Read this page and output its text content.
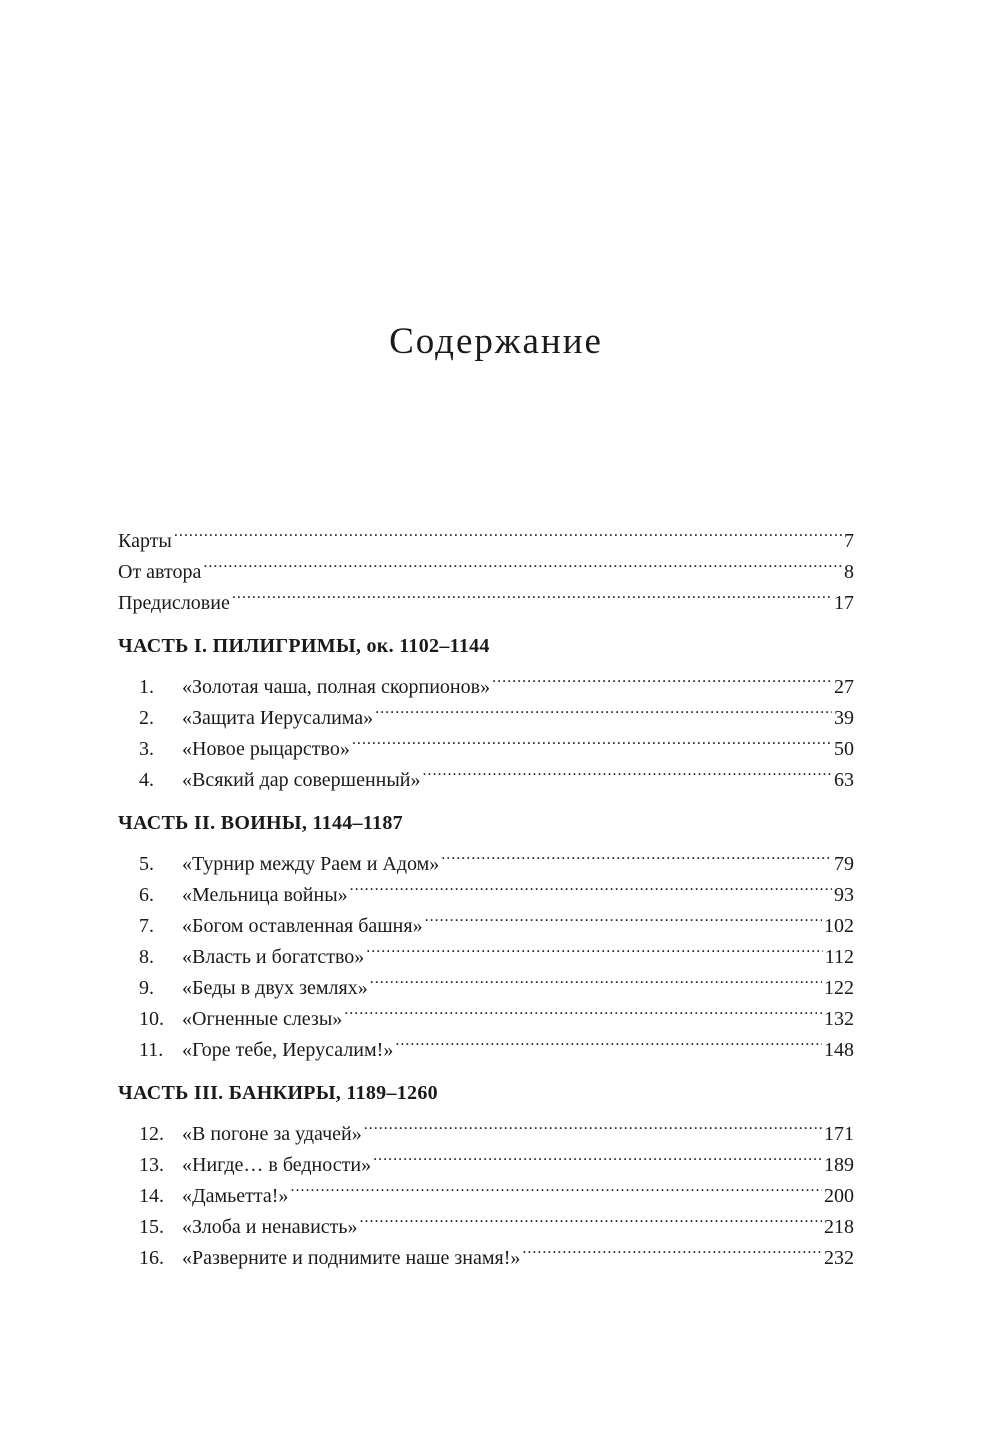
Содержание
Карты .....	7
От автора .....	8
Предисловие .....	17
ЧАСТЬ I. ПИЛИГРИМЫ, ок. 1102–1144
1.	«Золотая чаша, полная скорпионов» .....	27
2.	«Защита Иерусалима» .....	39
3.	«Новое рыцарство» .....	50
4.	«Всякий дар совершенный» .....	63
ЧАСТЬ II. ВОИНЫ, 1144–1187
5.	«Турнир между Раем и Адом» .....	79
6.	«Мельница войны» .....	93
7.	«Богом оставленная башня» .....	102
8.	«Власть и богатство» .....	112
9.	«Беды в двух землях» .....	122
10. «Огненные слезы» .....	132
11. «Горе тебе, Иерусалим!» .....	148
ЧАСТЬ III. БАНКИРЫ, 1189–1260
12. «В погоне за удачей» .....	171
13. «Нигде… в бедности» .....	189
14. «Дамьетта!» .....	200
15. «Злоба и ненависть» .....	218
16. «Разверните и поднимите наше знамя!» .....	232
